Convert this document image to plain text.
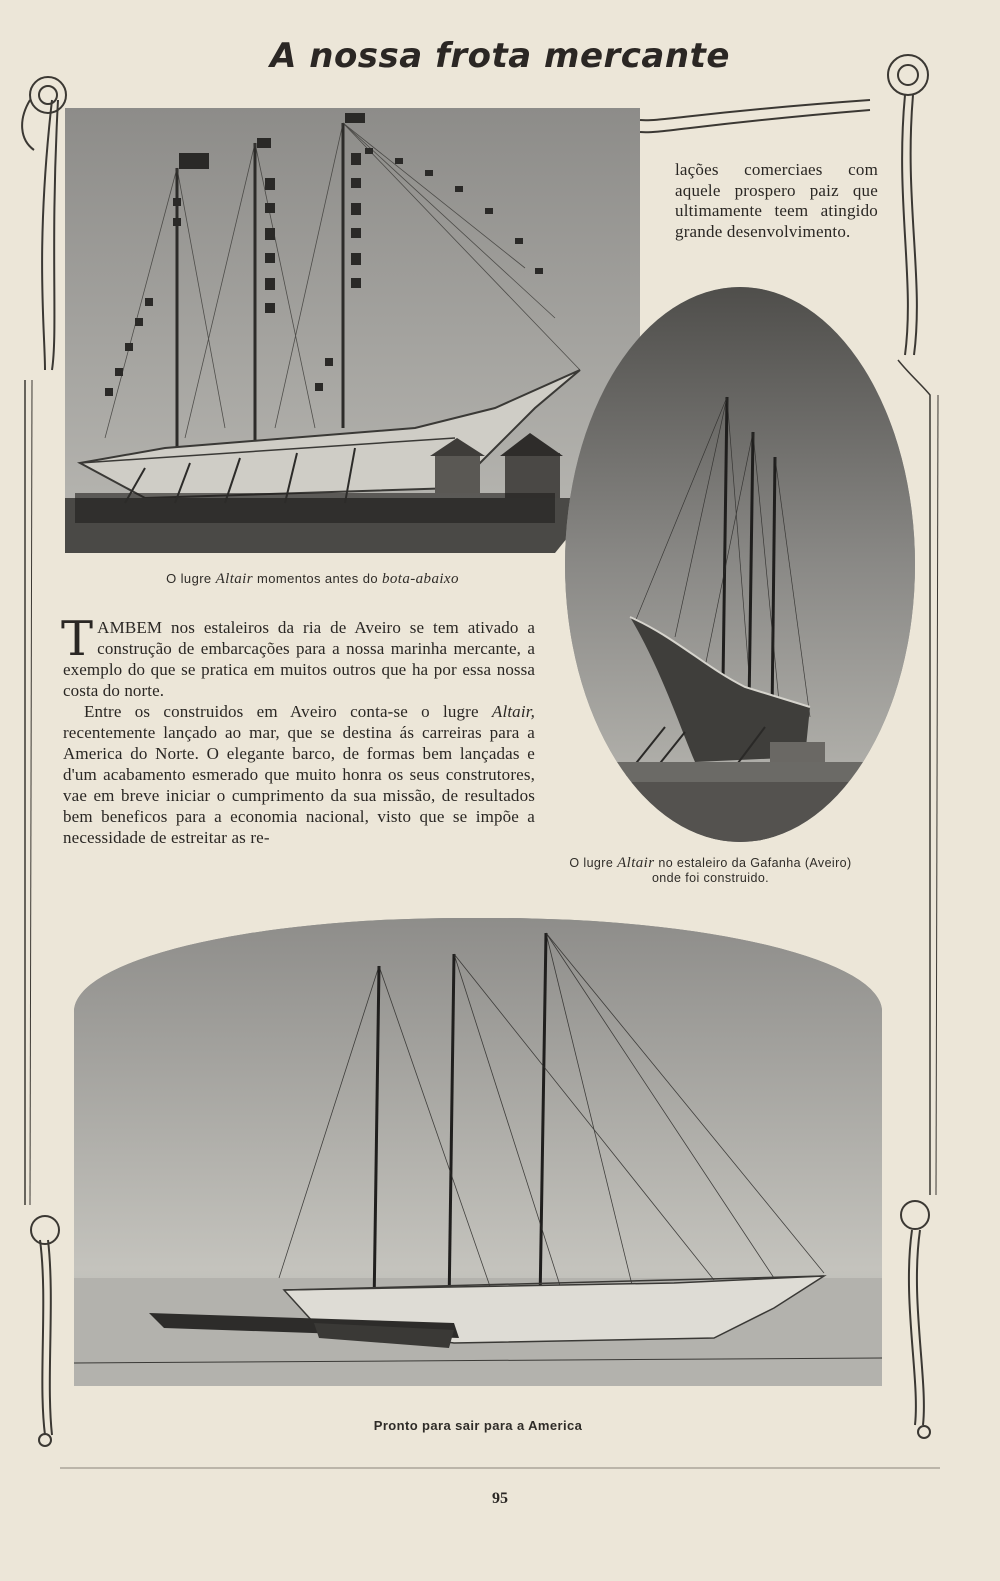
A nossa frota mercante
O lugre Altair momentos antes do bota-abaixo
lações comerciaes com aquele prospero paiz que ultimamente teem atingido grande desenvolvimento.
O lugre Altair no estaleiro da Gafanha (Aveiro) onde foi construido.

TAMBEM nos estaleiros da ria de Aveiro se tem ativado a construção de embarcações para a nossa marinha mercante, a exemplo do que se pratica em muitos outros que ha por essa nossa costa do norte.

Entre os construidos em Aveiro conta-se o lugre Altair, recentemente lançado ao mar, que se destina ás carreiras para a America do Norte. O elegante barco, de formas bem lançadas e d'um acabamento esmerado que muito honra os seus construtores, vae em breve iniciar o cumprimento da sua missão, de resultados bem beneficos para a economia nacional, visto que se impõe a necessidade de estreitar as re-

Pronto para sair para a America
95
